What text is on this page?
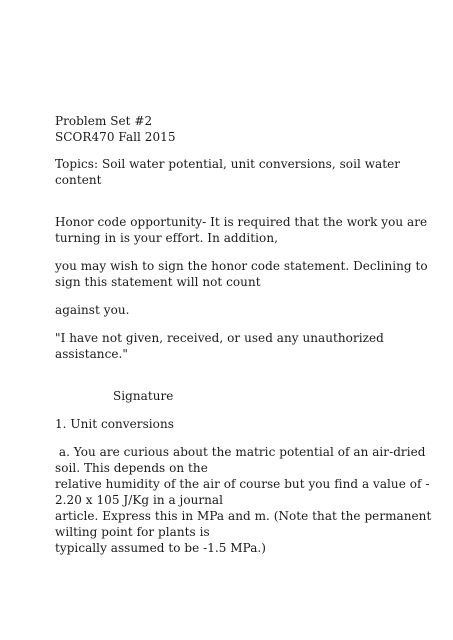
Problem Set #2

SCOR470 Fall 2015

Topics: Soil water potential, unit conversions, soil water

content

Honor code opportunity- It is required that the work you are

turning in is your effort. In addition,

you may wish to sign the honor code statement. Declining to

sign this statement will not count

against you.

"I have not given, received, or used any unauthorized

assistance."

Signature

1. Unit conversions

a. You are curious about the matric potential of an air-dried

soil. This depends on the

relative humidity of the air of course but you find a value of -

2.20 x 105 J/Kg in a journal

article. Express this in MPa and m. (Note that the permanent

wilting point for plants is

typically assumed to be -1.5 MPa.)
